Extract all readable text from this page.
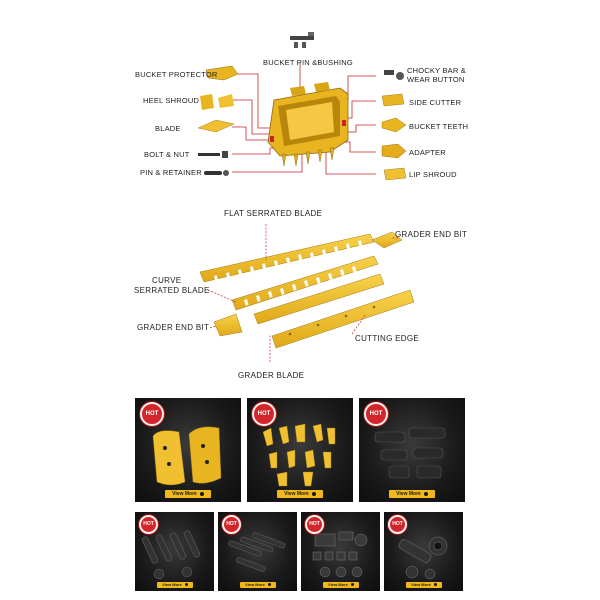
BUCKET PROTECTOR
HEEL SHROUD
BLADE
BOLT & NUT
PIN & RETAINER
BUCKET PIN &BUSHING
CHOCKY BAR &
WEAR BUTTON
SIDE CUTTER
BUCKET TEETH
ADAPTER
LIP SHROUD
FLAT SERRATED BLADE
GRADER END BIT
CURVE
SERRATED BLADE
GRADER END BIT
CUTTING EDGE
GRADER BLADE
HOT
View More
HOT
View More
HOT
View More
HOT
View More
HOT
View More
HOT
View More
HOT
View More
